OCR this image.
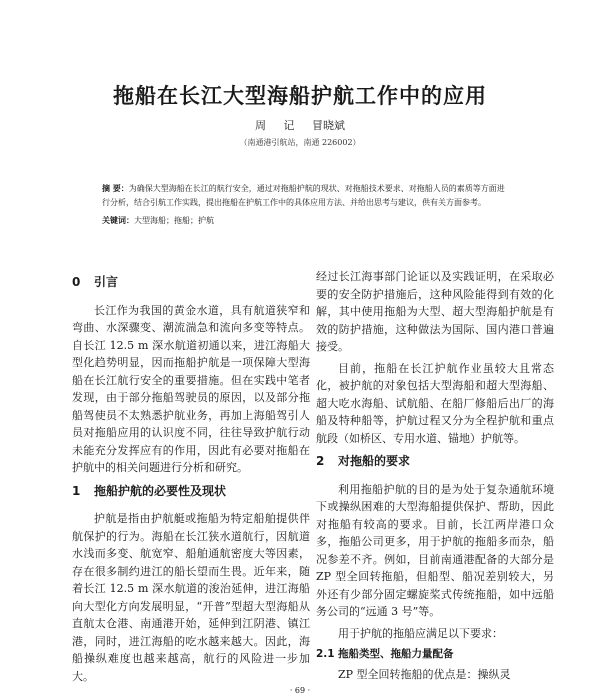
拖船在长江大型海船护航工作中的应用
周 记 冒晓斌
（南通港引航站，南通 226002）
摘 要：为确保大型海船在长江的航行安全，通过对拖船护航的现状、对拖船技术要求、对拖船人员的素质等方面进行分析，结合引航工作实践，提出拖船在护航工作中的具体应用方法、并给出思考与建议，供有关方面参考。
关键词：大型海船；拖船；护航
0 引言

长江作为我国的黄金水道，具有航道狭窄和弯曲、水深骤变、潮流湍急和流向多变等特点。自长江 12.5 m 深水航道初通以来，进江海船大型化趋势明显，因而拖船护航是一项保障大型海船在长江航行安全的重要措施。但在实践中笔者发现，由于部分拖船驾驶员的原因，以及部分拖船驾使员不太熟悉护航业务，再加上海船驾引人员对拖船应用的认识度不同，往往导致护航行动未能充分发挥应有的作用，因此有必要对拖船在护航中的相关问题进行分析和研究。

1 拖船护航的必要性及现状

护航是指由护航艇或拖船为特定船舶提供伴航保护的行为。海船在长江狭水道航行，因航道水浅而多变、航宽窄、船舶通航密度大等因素，存在很多制约进江的船长望而生畏。近年来，随着长江 12.5 m 深水航道的浚治延伸，进江海船向大型化方向发展明显，“开普”型超大型海船从直航太仓港、南通港开始，延伸到江阴港、镇江港，同时，进江海船的吃水越来越大。因此，海船操纵难度也越来越高，航行的风险进一步加大。

经过长江海事部门论证以及实践证明，在采取必要的安全防护措施后，这种风险能得到有效的化解，其中使用拖船为大型、超大型海船护航是有效的防护措施，这种做法为国际、国内港口普遍接受。

目前，拖船在长江护航作业虽较大且常态化，被护航的对象包括大型海船和超大型海船、超大吃水海船、试航船、在船厂修船后出厂的海船及特种船等，护航过程又分为全程护航和重点航段（如桥区、专用水道、锚地）护航等。

2 对拖船的要求

利用拖船护航的目的是为处于复杂通航环境下或操纵困难的大型海船提供保护、帮助，因此对拖船有较高的要求。目前，长江两岸港口众多，拖船公司更多，用于护航的拖船多而杂，船况参差不齐。例如，目前南通港配备的大部分是 ZP 型全回转拖船，但船型、船况差别较大，另外还有少部分固定螺旋桨式传统拖船，如中远船务公司的“远通 3 号”等。

用于护航的拖船应满足以下要求：

2.1 拖船类型、拖船力量配备

ZP 型全回转拖船的优点是：操纵灵

· 69 ·
